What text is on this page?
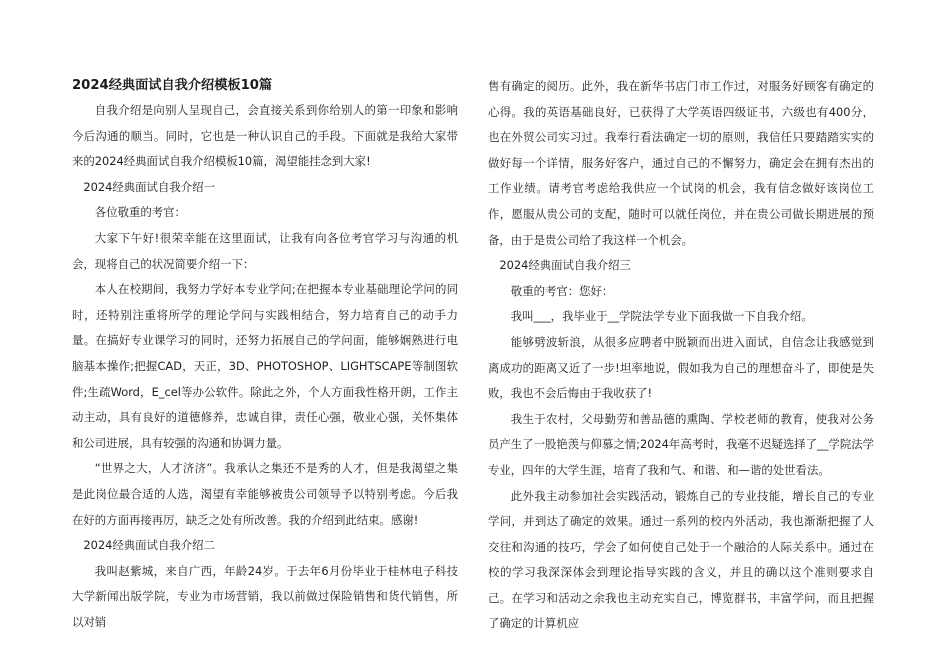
2024经典面试自我介绍模板10篇

自我介绍是向别人呈现自己，会直接关系到你给别人的第一印象和影响今后沟通的顺当。同时，它也是一种认识自己的手段。下面就是我给大家带来的2024经典面试自我介绍模板10篇，渴望能挂念到大家!

2024经典面试自我介绍一

各位敬重的考官：

大家下午好!很荣幸能在这里面试，让我有向各位考官学习与沟通的机会，现将自己的状况简要介绍一下：

本人在校期间，我努力学好本专业学问;在把握本专业基础理论学问的同时，还特别注重将所学的理论学问与实践相结合，努力培育自己的动手力量。在搞好专业课学习的同时，还努力拓展自己的学问面，能够娴熟进行电脑基本操作;把握CAD，天正，3D、PHOTOSHOP、LIGHTSCAPE等制图软件;生疏Word，E_cel等办公软件。除此之外，个人方面我性格开朗，工作主动主动，具有良好的道德修养，忠诚自律，责任心强，敬业心强，关怀集体和公司进展，具有较强的沟通和协调力量。

“世界之大，人才济济”。我承认之集还不是秀的人才，但是我渴望之集是此岗位最合适的人选，渴望有幸能够被贵公司领导予以特别考虑。今后我在好的方面再接再厉，缺乏之处有所改善。我的介绍到此结束。感谢!

2024经典面试自我介绍二

我叫赵紫城，来自广西，年龄24岁。于去年6月份毕业于桂林电子科技大学新闻出版学院，专业为市场营销，我以前做过保险销售和货代销售，所以对销

售有确定的阅历。此外，我在新华书店门市工作过，对服务好顾客有确定的心得。我的英语基础良好，已获得了大学英语四级证书，六级也有400分，也在外贸公司实习过。我奉行看法确定一切的原则，我信任只要踏踏实实的做好每一个详情，服务好客户，通过自己的不懈努力，确定会在拥有杰出的工作业绩。请考官考虑给我供应一个试岗的机会，我有信念做好该岗位工作，愿服从贵公司的支配，随时可以就任岗位，并在贵公司做长期进展的预备，由于是贵公司给了我这样一个机会。

2024经典面试自我介绍三

敬重的考官：您好：

我叫___，我毕业于__学院法学专业下面我做一下自我介绍。

能够劈波斩浪，从很多应聘者中脱颖而出进入面试，自信念让我感觉到离成功的距离又近了一步!坦率地说，假如我为自己的理想奋斗了，即使是失败，我也不会后悔由于我收获了!

我生于农村，父母勤劳和善品德的熏陶、学校老师的教育，使我对公务员产生了一股艳羡与仰慕之情;2024年高考时，我毫不迟疑选择了__学院法学专业，四年的大学生涯，培育了我和气、和谐、和—谐的处世看法。

此外我主动参加社会实践活动，锻炼自己的专业技能，增长自己的专业学问，并到达了确定的效果。通过一系列的校内外活动，我也渐渐把握了人交往和沟通的技巧，学会了如何使自己处于一个融洽的人际关系中。通过在校的学习我深深体会到理论指导实践的含义，并且的确以这个准则要求自己。在学习和活动之余我也主动充实自己，博览群书，丰富学问，而且把握了确定的计算机应
